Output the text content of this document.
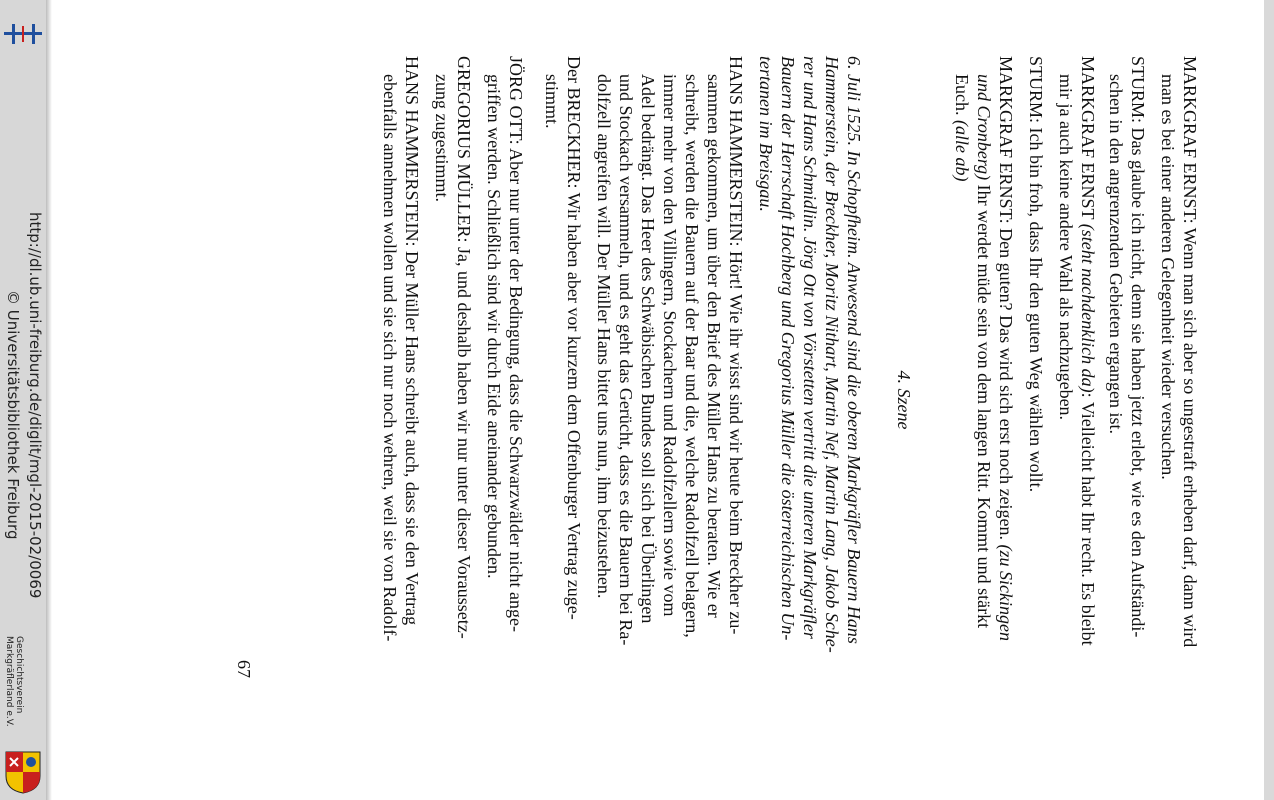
http://dl.ub.uni-freiburg.de/diglit/mgl-2015-02/0069
© Universitätsbibliothek Freiburg
Geschichtsverein
Markgräflerland e.V.
MARKGRAF ERNST: Wenn man sich aber so ungestraft erheben darf, dann wird
man es bei einer anderen Gelegenheit wieder versuchen.
STURM: Das glaube ich nicht, denn sie haben jetzt erlebt, wie es den Aufständi-
schen in den angrenzenden Gebieten ergangen ist.
MARKGRAF ERNST (steht nachdenklich da): Vielleicht habt Ihr recht. Es bleibt
mir ja auch keine andere Wahl als nachzugeben.
STURM: Ich bin froh, dass Ihr den guten Weg wählen wollt.
MARKGRAF ERNST: Den guten? Das wird sich erst noch zeigen. (zu Sickingen
und Cronberg) Ihr werdet müde sein von dem langen Ritt. Kommt und stärkt
Euch. (alle ab)
4. Szene
6. Juli 1525. In Schopfheim. Anwesend sind die oberen Markgräfler Bauern Hans
Hammerstein, der Breckher, Moritz Nithart, Martin Nef, Martin Lang, Jakob Sche-
rer und Hans Schmidlin. Jörg Ott von Vörstetten vertritt die unteren Markgräfler
Bauern der Herrschaft Hochberg und Gregorius Müller die österreichischen Un-
tertanen im Breisgau.
HANS HAMMERSTEIN: Hört! Wie ihr wisst sind wir heute beim Breckher zu-
sammen gekommen, um über den Brief des Müller Hans zu beraten. Wie er
schreibt, werden die Bauern auf der Baar und die, welche Radolfzell belagern,
immer mehr von den Villingern, Stockachern und Radolfzellern sowie vom
Adel bedrängt. Das Heer des Schwäbischen Bundes soll sich bei Überlingen
und Stockach versammeln, und es geht das Gerücht, dass es die Bauern bei Ra-
dolfzell angreifen will. Der Müller Hans bittet uns nun, ihm beizustehen.
Der BRECKHER: Wir haben aber vor kurzem dem Offenburger Vertrag zuge-
stimmt.
JÖRG OTT: Aber nur unter der Bedingung, dass die Schwarzwälder nicht ange-
griffen werden. Schließlich sind wir durch Eide aneinander gebunden.
GREGORIUS MÜLLER: Ja, und deshalb haben wir nur unter dieser Voraussetz-
zung zugestimmt.
HANS HAMMERSTEIN: Der Müller Hans schreibt auch, dass sie den Vertrag
ebenfalls annehmen wollen und sie sich nur noch wehren, weil sie von Radolf-
67
